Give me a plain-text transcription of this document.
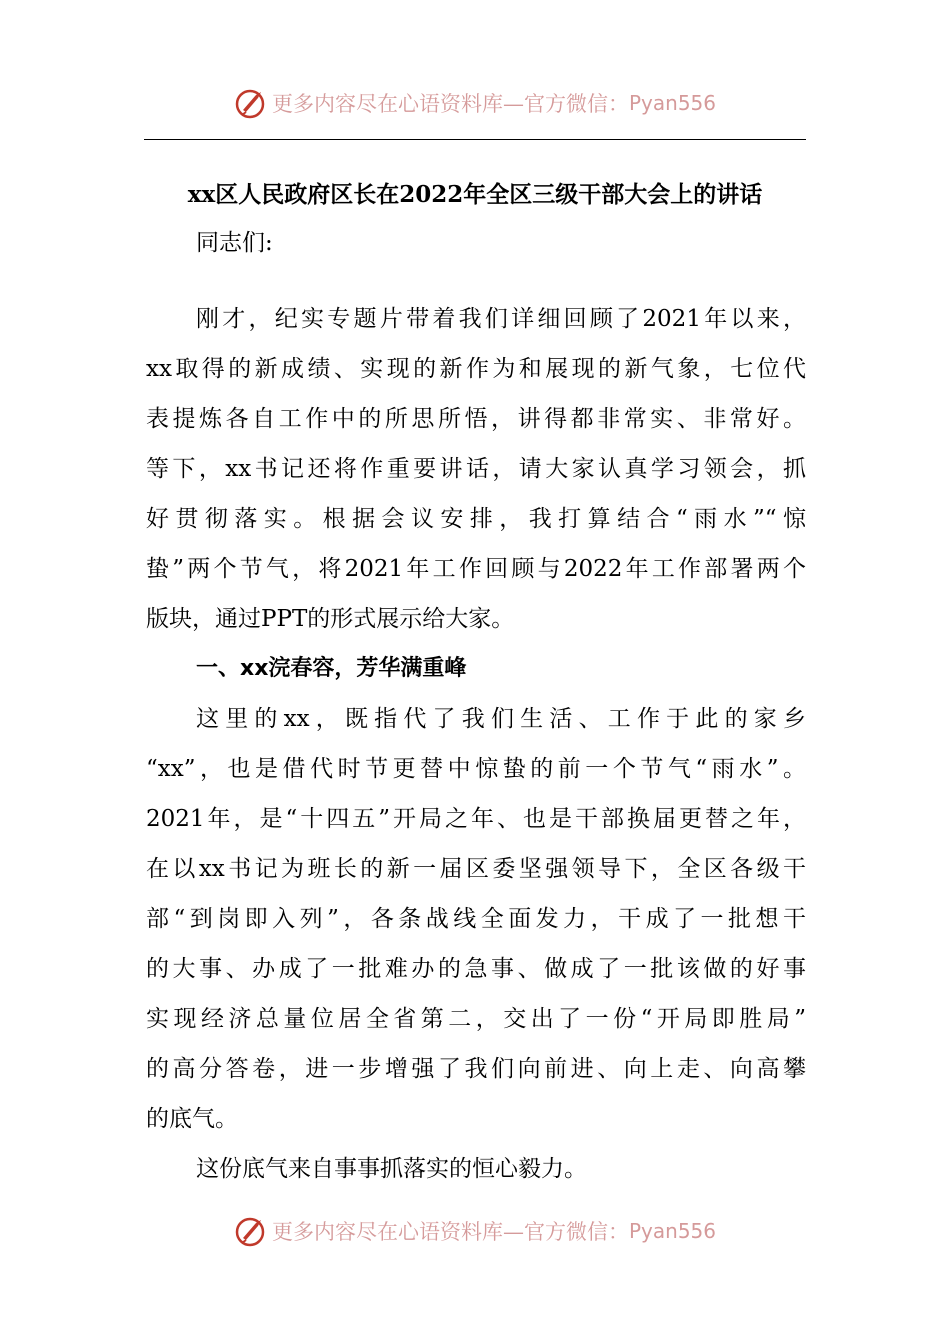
更多内容尽在心语资料库—官方微信： Pyan556
xx区人民政府区长在2022年全区三级干部大会上的讲话
同志们:
刚才，纪实专题片带着我们详细回顾了2021年以来，
xx取得的新成绩、实现的新作为和展现的新气象，七位代
表提炼各自工作中的所思所悟，讲得都非常实、非常好。
等下，xx书记还将作重要讲话，请大家认真学习领会，抓
好贯彻落实。根据会议安排，我打算结合“雨水”“惊
蛰”两个节气，将2021年工作回顾与2022年工作部署两个
版块，通过PPT的形式展示给大家。
一、xx浣春容，芳华满重峰
这里的xx，既指代了我们生活、工作于此的家乡
“xx”，也是借代时节更替中惊蛰的前一个节气“雨水”。
2021年，是“十四五”开局之年、也是干部换届更替之年，
在以xx书记为班长的新一届区委坚强领导下，全区各级干
部“到岗即入列”，各条战线全面发力，干成了一批想干
的大事、办成了一批难办的急事、做成了一批该做的好事
实现经济总量位居全省第二，交出了一份“开局即胜局”
的高分答卷，进一步增强了我们向前进、向上走、向高攀
的底气。
这份底气来自事事抓落实的恒心毅力。
更多内容尽在心语资料库—官方微信： Pyan556
